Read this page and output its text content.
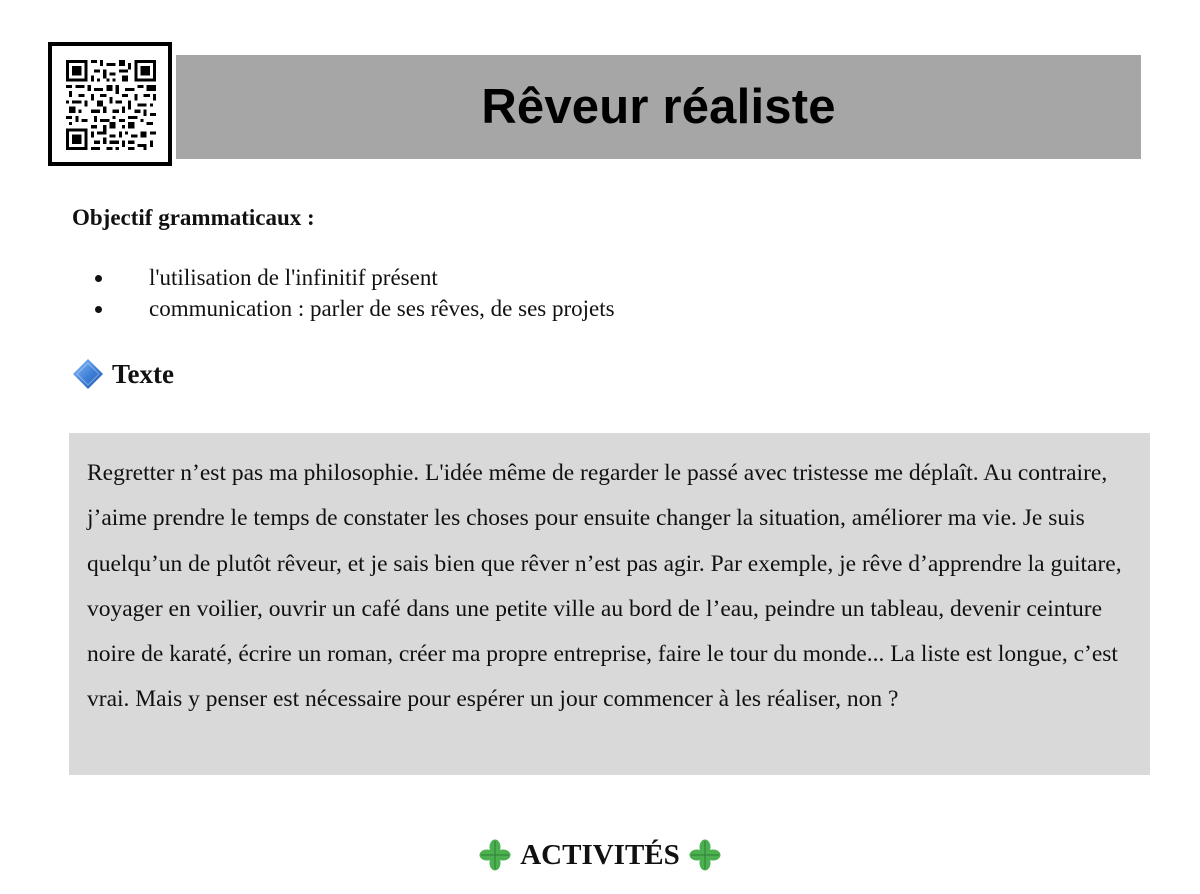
Rêveur réaliste

Objectif grammaticaux :

l'utilisation de l'infinitif présent
communication : parler de ses rêves, de ses projets
Texte

Regretter n’est pas ma philosophie. L'idée même de regarder le passé avec tristesse me déplaît. Au contraire, j’aime prendre le temps de constater les choses pour ensuite changer la situation, améliorer ma vie. Je suis quelqu’un de plutôt rêveur, et je sais bien que rêver n’est pas agir. Par exemple, je rêve d’apprendre la guitare, voyager en voilier, ouvrir un café dans une petite ville au bord de l’eau, peindre un tableau, devenir ceinture noire de karaté, écrire un roman, créer ma propre entreprise, faire le tour du monde... La liste est longue, c’est vrai. Mais y penser est nécessaire pour espérer un jour commencer à les réaliser, non ?

ACTIVITÉS
